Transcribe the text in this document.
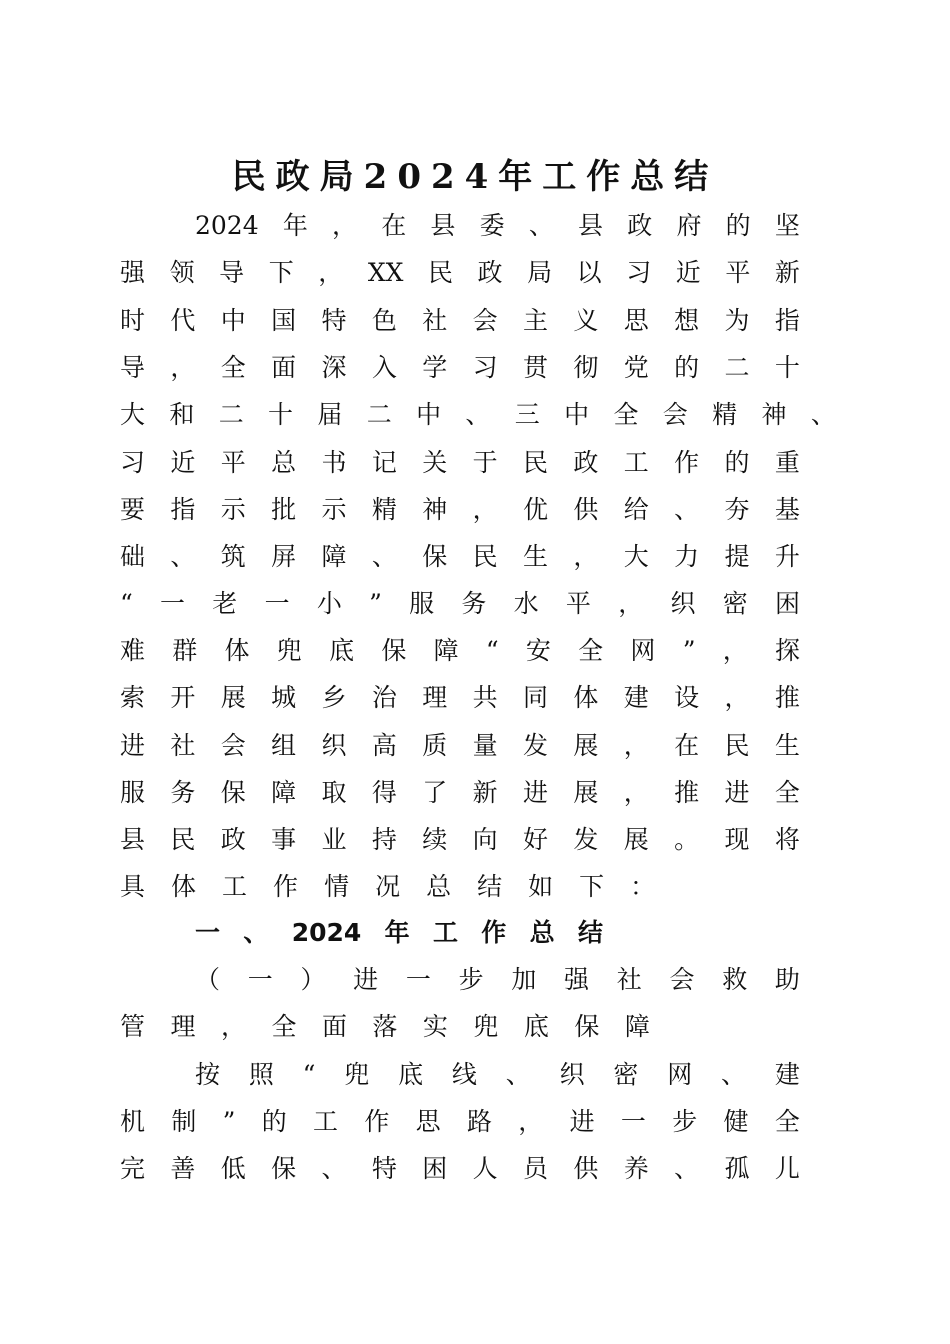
民政局2024年工作总结
2024 年 ， 在 县 委 、 县 政 府 的 坚
强 领 导 下 ， XX 民 政 局 以 习 近 平 新
时 代 中 国 特 色 社 会 主 义 思 想 为 指
导 ， 全 面 深 入 学 习 贯 彻 党 的 二 十
大 和 二 十 届 二 中 、 三 中 全 会 精 神 、
习 近 平 总 书 记 关 于 民 政 工 作 的 重
要 指 示 批 示 精 神 ， 优 供 给 、 夯 基
础 、 筑 屏 障 、 保 民 生 ， 大 力 提 升
“ 一 老 一 小 ” 服 务 水 平 ， 织 密 困
难 群 体 兜 底 保 障 “ 安 全 网 ” ， 探
索 开 展 城 乡 治 理 共 同 体 建 设 ， 推
进 社 会 组 织 高 质 量 发 展 ， 在 民 生
服 务 保 障 取 得 了 新 进 展 ， 推 进 全
县 民 政 事 业 持 续 向 好 发 展 。 现 将
具 体 工 作 情 况 总 结 如 下 ：
一 、 2024 年 工 作 总 结
（ 一 ） 进 一 步 加 强 社 会 救 助
管 理 ， 全 面 落 实 兜 底 保 障
按 照 “ 兜 底 线 、 织 密 网 、 建
机 制 ” 的 工 作 思 路 ， 进 一 步 健 全
完 善 低 保 、 特 困 人 员 供 养 、 孤 儿
